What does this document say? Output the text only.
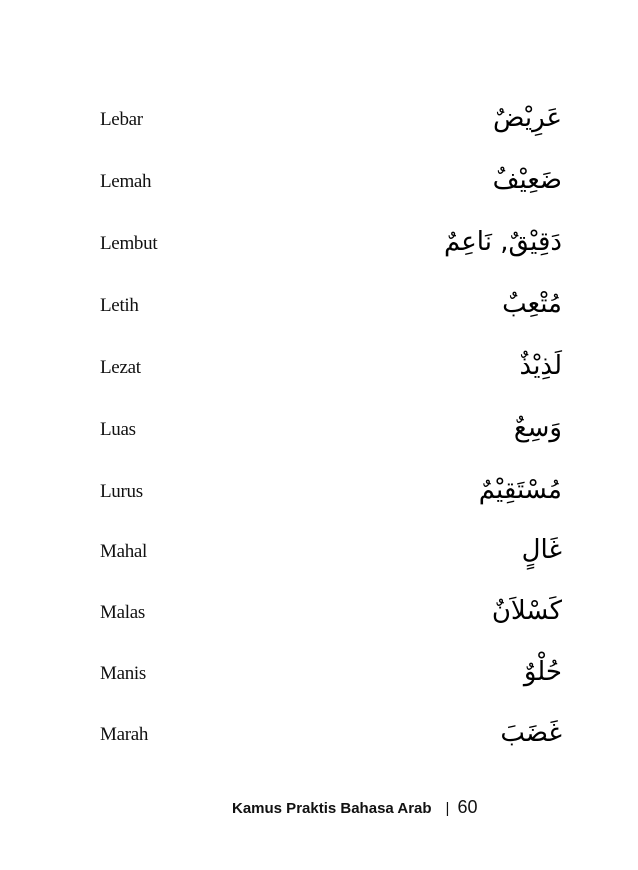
Lebar	عَرِيْضٌ
Lemah	ضَعِيْفٌ
Lembut	دَقِيْقٌ, نَاعِمٌ
Letih	مُتْعِبٌ
Lezat	لَذِيْذٌ
Luas	وَسِعٌ
Lurus	مُسْتَقِيْمٌ
Mahal	غَالٍ
Malas	كَسْلاَنٌ
Manis	حُلْوٌ
Marah	غَضَبَ
Kamus Praktis Bahasa Arab | 60
